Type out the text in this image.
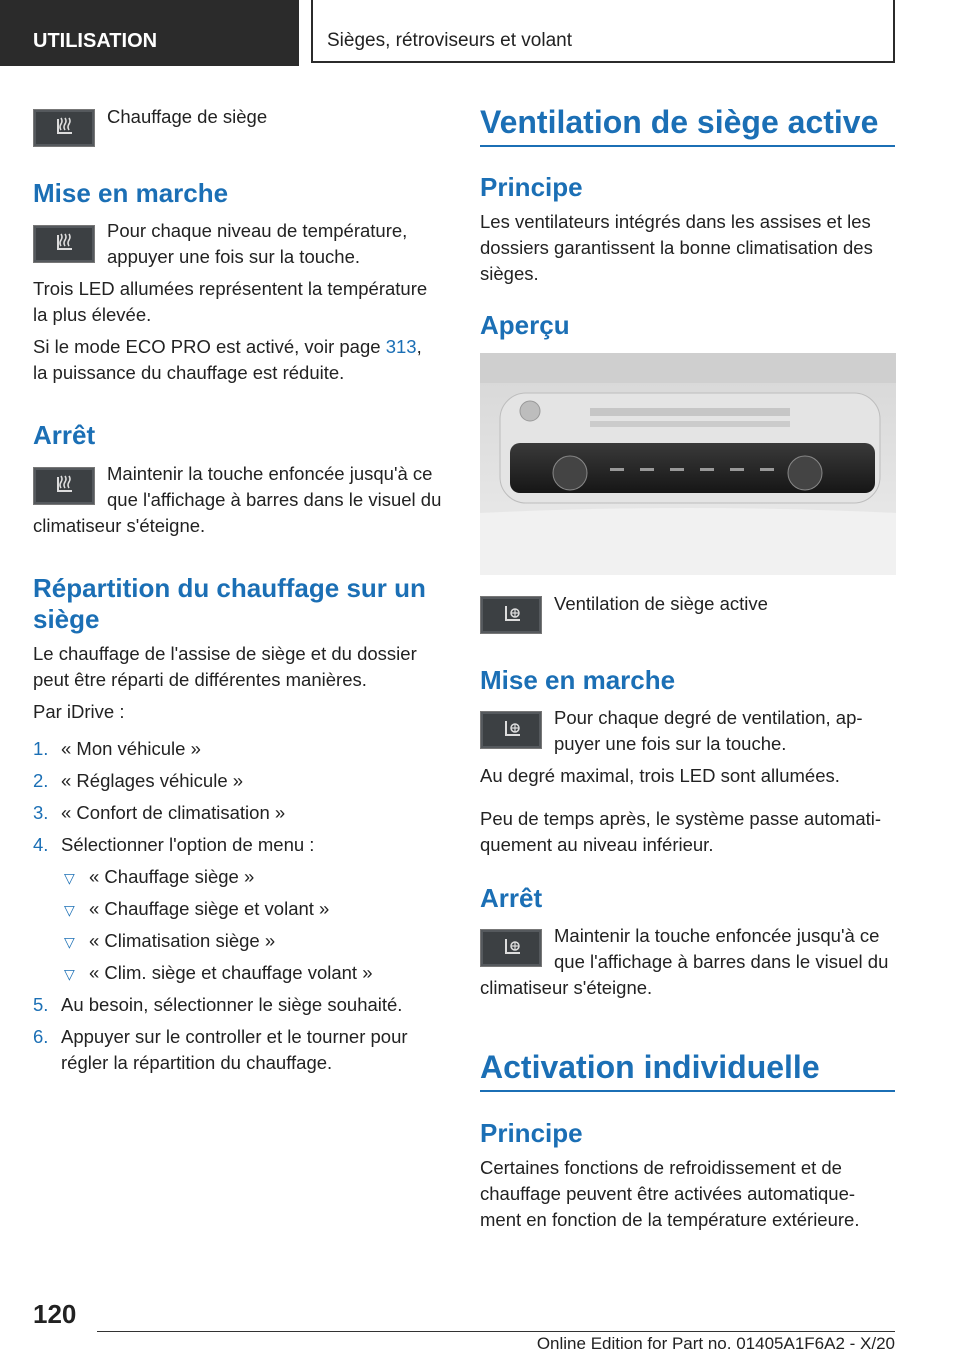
UTILISATION	Sièges, rétroviseurs et volant
Chauffage de siège
Mise en marche
Pour chaque niveau de température, appuyer une fois sur la touche.
Trois LED allumées représentent la température
la plus élevée.
Si le mode ECO PRO est activé, voir page 313,
la puissance du chauffage est réduite.
Arrêt
Maintenir la touche enfoncée jusqu'à ce
que l'affichage à barres dans le visuel du
climatiseur s'éteigne.
Répartition du chauffage sur un
siège
Le chauffage de l'assise de siège et du dossier
peut être réparti de différentes manières.
Par iDrive :
1. « Mon véhicule »
2. « Réglages véhicule »
3. « Confort de climatisation »
4. Sélectionner l'option de menu :
▽ « Chauffage siège »
▽ « Chauffage siège et volant »
▽ « Climatisation siège »
▽ « Clim. siège et chauffage volant »
5. Au besoin, sélectionner le siège souhaité.
6. Appuyer sur le controller et le tourner pour
régler la répartition du chauffage.
Ventilation de siège active
Principe
Les ventilateurs intégrés dans les assises et les
dossiers garantissent la bonne climatisation des
sièges.
Aperçu
Ventilation de siège active
Mise en marche
Pour chaque degré de ventilation, ap-
puyer une fois sur la touche.
Au degré maximal, trois LED sont allumées.
Peu de temps après, le système passe automati-
quement au niveau inférieur.
Arrêt
Maintenir la touche enfoncée jusqu'à ce
que l'affichage à barres dans le visuel du
climatiseur s'éteigne.
Activation individuelle
Principe
Certaines fonctions de refroidissement et de
chauffage peuvent être activées automatique-
ment en fonction de la température extérieure.
120
Online Edition for Part no. 01405A1F6A2 - X/20
